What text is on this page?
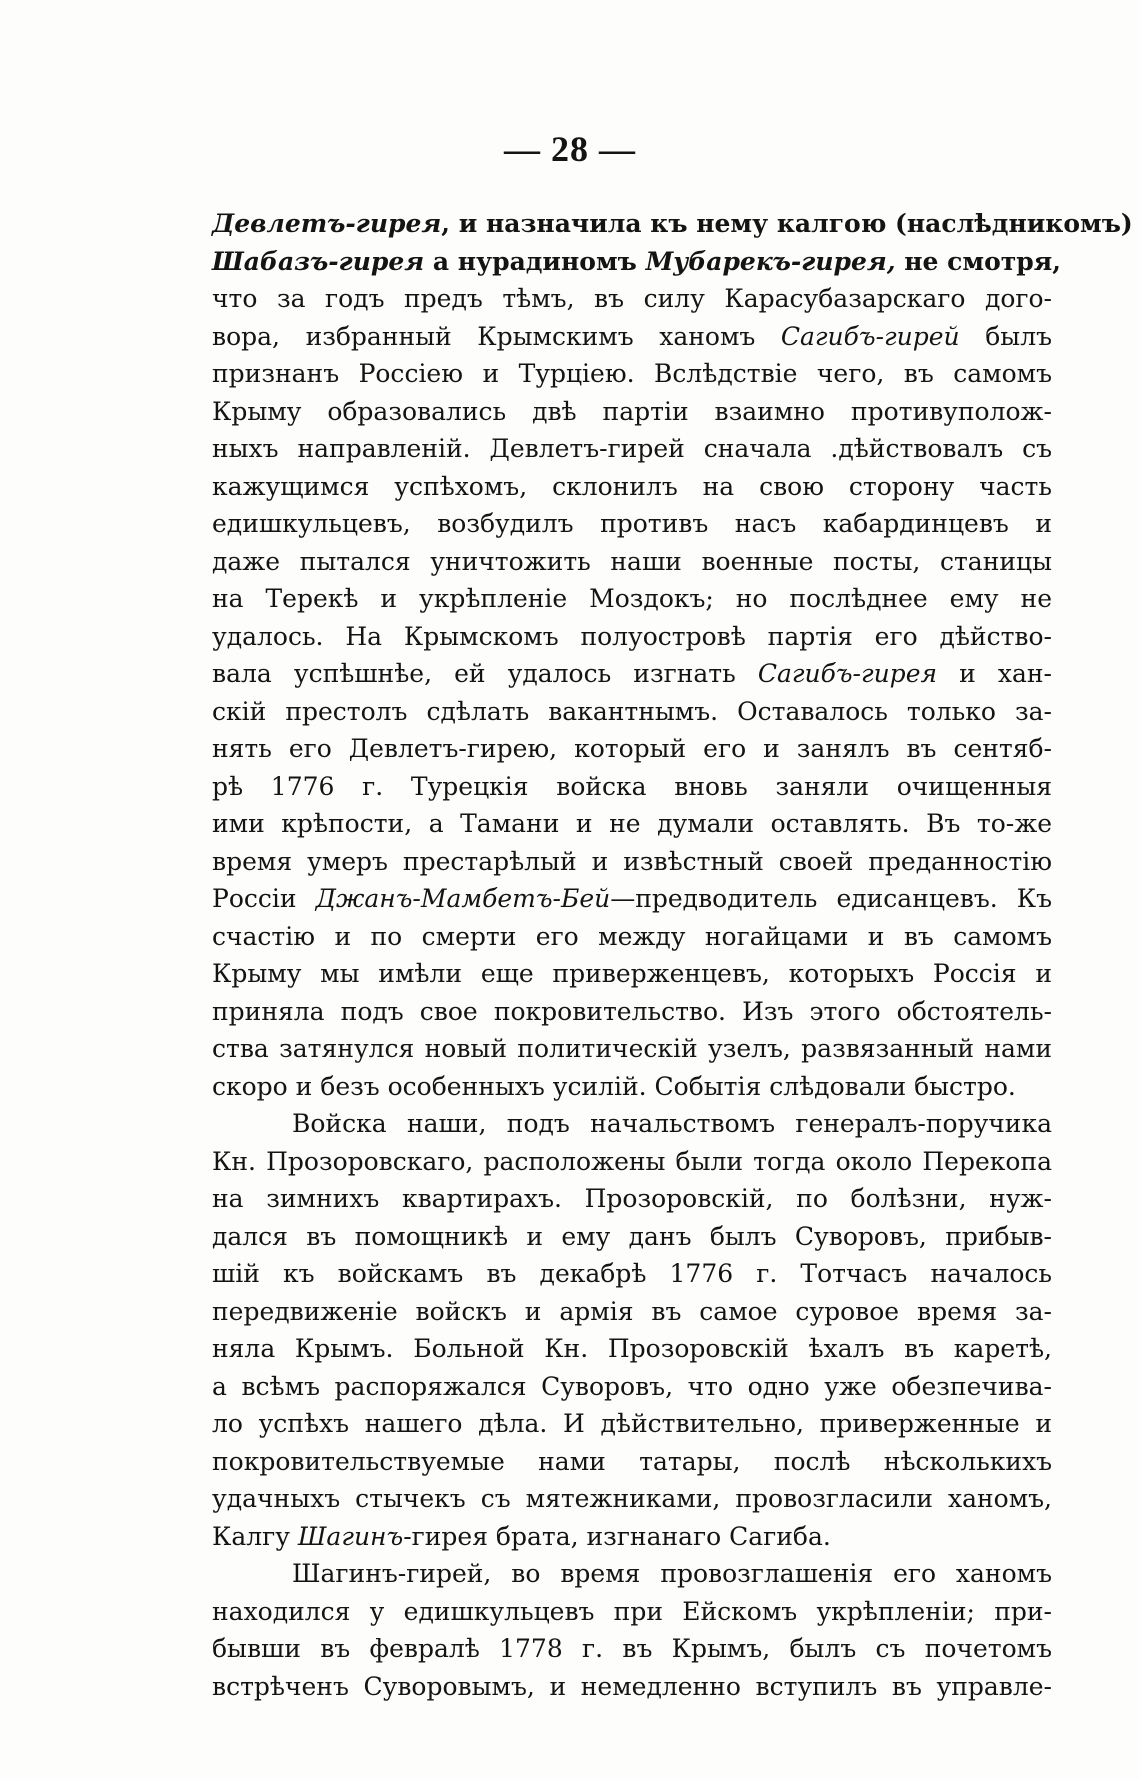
— 28 —
Девлетъ-гирея, и назначила къ нему калгою (наслѣдникомъ)
Шабазъ-гирея а нурадиномъ Мубарекъ-гирея, не смотря,
что за годъ предъ тѣмъ, въ силу Карасубазарскаго дого-
вора, избранный Крымскимъ ханомъ Сагибъ-гирей былъ
признанъ Россiею и Турцiею. Вслѣдствiе чего, въ самомъ
Крыму образовались двѣ партiи взаимно противуполож-
ныхъ направленiй. Девлетъ-гирей сначала .дѣйствовалъ съ
кажущимся успѣхомъ, склонилъ на свою сторону часть
едишкульцевъ, возбудилъ противъ насъ кабардинцевъ и
даже пытался уничтожить наши военные посты, станицы
на Терекѣ и укрѣпленiе Моздокъ; но послѣднее ему не
удалось. На Крымскомъ полуостровѣ партiя его дѣйство-
вала успѣшнѣе, ей удалось изгнать Сагибъ-гирея и хан-
скiй престолъ сдѣлать вакантнымъ. Оставалось только за-
нять его Девлетъ-гирею, который его и занялъ въ сентяб-
рѣ 1776 г. Турецкiя войска вновь заняли очищенныя
ими крѣпости, а Тамани и не думали оставлять. Въ то-же
время умеръ престарѣлый и извѣстный своей преданностiю
Россiи Джанъ-Мамбетъ-Бей—предводитель едисанцевъ. Къ
счастiю и по смерти его между ногайцами и въ самомъ
Крыму мы имѣли еще приверженцевъ, которыхъ Россiя и
приняла подъ свое покровительство. Изъ этого обстоятель-
ства затянулся новый политическiй узелъ, развязанный нами
скоро и безъ особенныхъ усилiй. Событiя слѣдовали быстро.
Войска наши, подъ начальствомъ генералъ-поручика
Кн. Прозоровскаго, расположены были тогда около Перекопа
на зимнихъ квартирахъ. Прозоровскiй, по болѣзни, нуж-
дался въ помощникѣ и ему данъ былъ Суворовъ, прибыв-
шiй къ войскамъ въ декабрѣ 1776 г. Тотчасъ началось
передвиженiе войскъ и армiя въ самое суровое время за-
няла Крымъ. Больной Кн. Прозоровскiй ѣхалъ въ каретѣ,
а всѣмъ распоряжался Суворовъ, что одно уже обезпечива-
ло успѣхъ нашего дѣла. И дѣйствительно, приверженные и
покровительствуемые нами татары, послѣ нѣсколькихъ
удачныхъ стычекъ съ мятежниками, провозгласили ханомъ,
Калгу Шагинъ-гирея брата, изгнанаго Сагиба.
Шагинъ-гирей, во время провозглашенiя его ханомъ
находился у едишкульцевъ при Ейскомъ укрѣпленiи; при-
бывши въ февралѣ 1778 г. въ Крымъ, былъ съ почетомъ
встрѣченъ Суворовымъ, и немедленно вступилъ въ управле-
